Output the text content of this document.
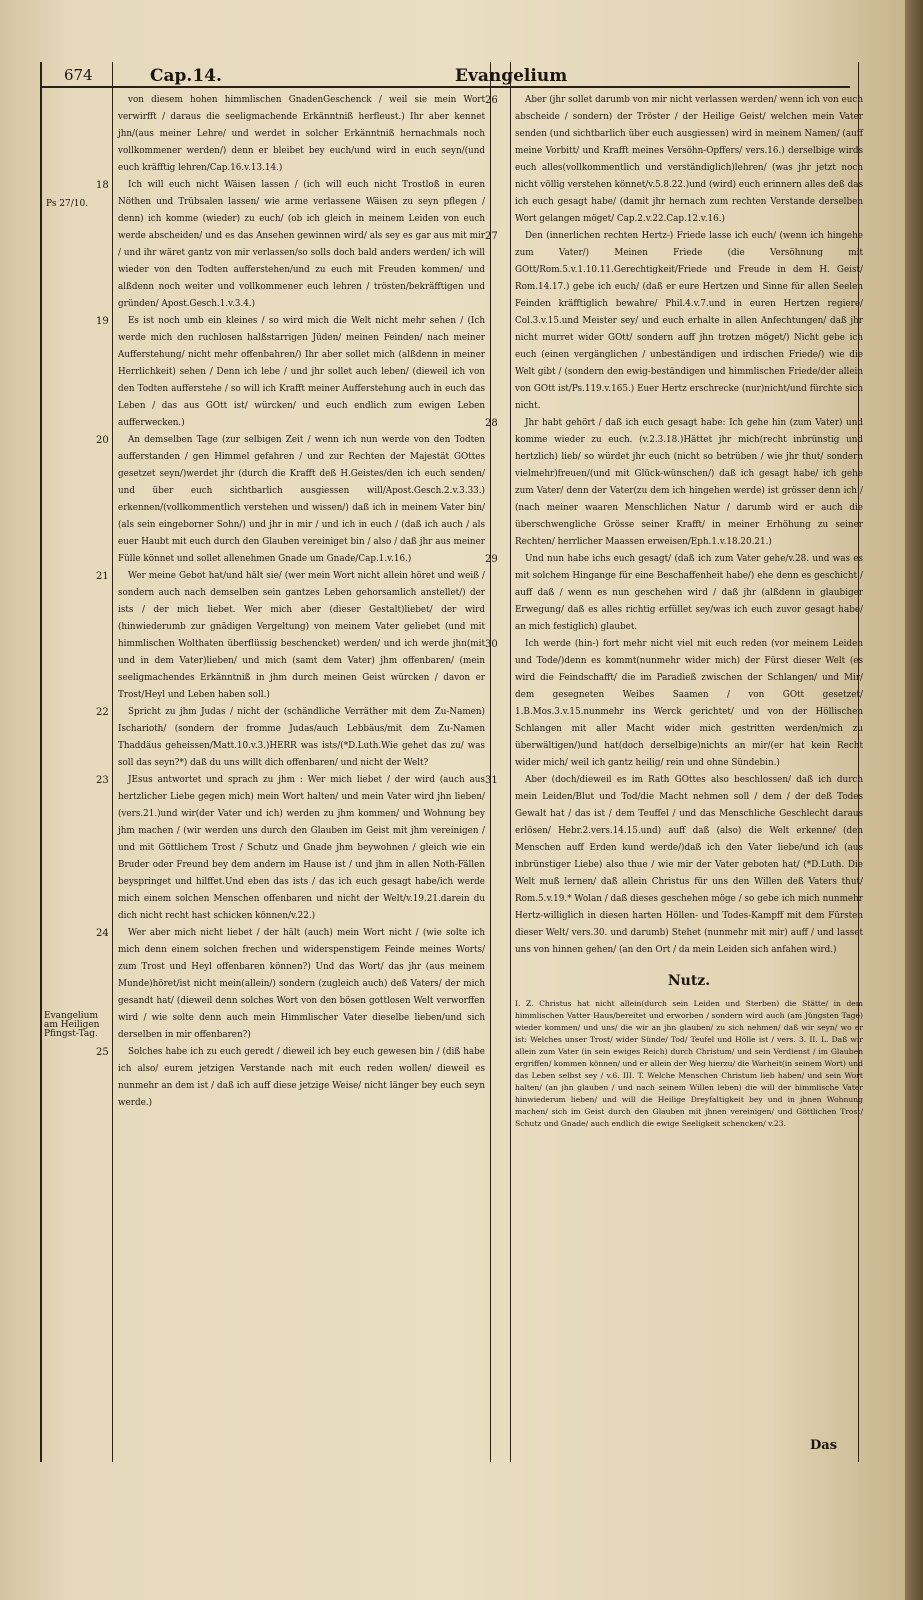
674	Cap.14.	Evangelium
Ps 27/10.
Evangelium
am Heiligen
Pfingst-Tag.

von diesem hohen himmlischen GnadenGeschenck / weil sie mein Wort verwirfft / daraus die seeligmachende Erkänntniß herfleust.) Ihr aber kennet jhn/(aus meiner Lehre/ und werdet in solcher Erkänntniß hernachmals noch vollkommener werden/) denn er bleibet bey euch/und wird in euch seyn/(und euch kräfftig lehren/Cap.16.v.13.14.)

18 Ich will euch nicht Wäisen lassen / (ich will euch nicht Trostloß in euren Nöthen und Trübsalen lassen/ wie arme verlassene Wäisen zu seyn pflegen / denn) ich komme (wieder) zu euch/ (ob ich gleich in meinem Leiden von euch werde abscheiden/ und es das Ansehen gewinnen wird/ als sey es gar aus mit mir / und ihr wäret gantz von mir verlassen/so solls doch bald anders werden/ ich will wieder von den Todten aufferstehen/und zu euch mit Freuden kommen/ und alßdenn noch weiter und vollkommener euch lehren / trösten/bekräfftigen und gründen/ Apost.Gesch.1.v.3.4.)

19 Es ist noch umb ein kleines / so wird mich die Welt nicht mehr sehen / (Ich werde mich den ruchlosen halßstarrigen Jüden/ meinen Feinden/ nach meiner Aufferstehung/ nicht mehr offenbahren/) Ihr aber sollet mich (alßdenn in meiner Herrlichkeit) sehen / Denn ich lebe / und jhr sollet auch leben/ (dieweil ich von den Todten aufferstehe / so will ich Krafft meiner Aufferstehung auch in euch das Leben / das aus GOtt ist/ würcken/ und euch endlich zum ewigen Leben aufferwecken.)

20 An demselben Tage (zur selbigen Zeit / wenn ich nun werde von den Todten aufferstanden / gen Himmel gefahren / und zur Rechten der Majestät GOttes gesetzet seyn/)werdet jhr (durch die Krafft deß H.Geistes/den ich euch senden/ und über euch sichtbarlich ausgiessen will/Apost.Gesch.2.v.3.33.) erkennen/(vollkommentlich verstehen und wissen/) daß ich in meinem Vater bin/ (als sein eingeborner Sohn/) und jhr in mir / und ich in euch / (daß ich auch / als euer Haubt mit euch durch den Glauben vereiniget bin / also / daß jhr aus meiner Fülle könnet und sollet allenehmen Gnade um Gnade/Cap.1.v.16.)

21 Wer meine Gebot hat/und hält sie/ (wer mein Wort nicht allein höret und weiß / sondern auch nach demselben sein gantzes Leben gehorsamlich anstellet/) der ists / der mich liebet. Wer mich aber (dieser Gestalt)liebet/ der wird (hinwiederumb zur gnädigen Vergeltung) von meinem Vater geliebet (und mit himmlischen Wolthaten überflüssig beschencket) werden/ und ich werde jhn(mit und in dem Vater)lieben/ und mich (samt dem Vater) jhm offenbaren/ (mein seeligmachendes Erkänntniß in jhm durch meinen Geist würcken / davon er Trost/Heyl und Leben haben soll.)

22 Spricht zu jhm Judas / nicht der (schändliche Verräther mit dem Zu-Namen) Ischarioth/ (sondern der fromme Judas/auch Lebbäus/mit dem Zu-Namen Thaddäus geheissen/Matt.10.v.3.)HERR was ists/(*D.Luth.Wie gehet das zu/ was soll das seyn?*) daß du uns willt dich offenbaren/ und nicht der Welt?

23 JEsus antwortet und sprach zu jhm : Wer mich liebet / der wird (auch aus hertzlicher Liebe gegen mich) mein Wort halten/ und mein Vater wird jhn lieben/ (vers.21.)und wir(der Vater und ich) werden zu jhm kommen/ und Wohnung bey jhm machen / (wir werden uns durch den Glauben im Geist mit jhm vereinigen / und mit Göttlichem Trost / Schutz und Gnade jhm beywohnen / gleich wie ein Bruder oder Freund bey dem andern im Hause ist / und jhm in allen Noth-Fällen beyspringet und hilffet.Und eben das ists / das ich euch gesagt habe/ich werde mich einem solchen Menschen offenbaren und nicht der Welt/v.19.21.darein du dich nicht recht hast schicken können/v.22.)

24 Wer aber mich nicht liebet / der hält (auch) mein Wort nicht / (wie solte ich mich denn einem solchen frechen und widerspenstigem Feinde meines Worts/ zum Trost und Heyl offenbaren können?) Und das Wort/ das jhr (aus meinem Munde)höret/ist nicht mein(allein/) sondern (zugleich auch) deß Vaters/ der mich gesandt hat/ (dieweil denn solches Wort von den bösen gottlosen Welt verworffen wird / wie solte denn auch mein Himmlischer Vater dieselbe lieben/und sich derselben in mir offenbaren?)

25 Solches habe ich zu euch geredt / dieweil ich bey euch gewesen bin / (diß habe ich also/ eurem jetzigen Verstande nach mit euch reden wollen/ dieweil es nunmehr an dem ist / daß ich auff diese jetzige Weise/ nicht länger bey euch seyn werde.)

26	Aber (jhr sollet darumb von mir nicht verlassen werden/ wenn ich von euch abscheide / sondern) der Tröster / der Heilige Geist/ welchen mein Vater senden (und sichtbarlich über euch ausgiessen) wird in meinem Namen/ (auff meine Vorbitt/ und Krafft meines Versöhn-Opffers/ vers.16.) derselbige wirds euch alles(vollkommentlich und verständiglich)lehren/ (was jhr jetzt noch nicht völlig verstehen könnet/v.5.8.22.)und (wird) euch erinnern alles deß das ich euch gesagt habe/ (damit jhr hernach zum rechten Verstande derselben Wort gelangen möget/ Cap.2.v.22.Cap.12.v.16.)

27	Den (innerlichen rechten Hertz-) Friede lasse ich euch/ (wenn ich hingehe zum Vater/) Meinen Friede (die Versöhnung mit GOtt/Rom.5.v.1.10.11.Gerechtigkeit/Friede und Freude in dem H. Geist/ Rom.14.17.) gebe ich euch/ (daß er eure Hertzen und Sinne für allen Seelen Feinden kräfftiglich bewahre/ Phil.4.v.7.und in euren Hertzen regiere/ Col.3.v.15.und Meister sey/ und euch erhalte in allen Anfechtungen/ daß jhr nicht murret wider GOtt/ sondern auff jhn trotzen möget/) Nicht gebe ich euch (einen vergänglichen / unbeständigen und irdischen Friede/) wie die Welt gibt / (sondern den ewig-beständigen und himmlischen Friede/der allein von GOtt ist/Ps.119.v.165.) Euer Hertz erschrecke (nur)nicht/und fürchte sich nicht.

28	Jhr habt gehört / daß ich euch gesagt habe: Ich gehe hin (zum Vater) und komme wieder zu euch. (v.2.3.18.)Hättet jhr mich(recht inbrünstig und hertzlich) lieb/ so würdet jhr euch (nicht so betrüben / wie jhr thut/ sondern vielmehr)freuen/(und mit Glück-wünschen/) daß ich gesagt habe/ ich gehe zum Vater/ denn der Vater(zu dem ich hingehen werde) ist grösser denn ich / (nach meiner waaren Menschlichen Natur / darumb wird er auch die überschwengliche Grösse seiner Krafft/ in meiner Erhöhung zu seiner Rechten/ herrlicher Maassen erweisen/Eph.1.v.18.20.21.)

29	Und nun habe ichs euch gesagt/ (daß ich zum Vater gehe/v.28. und was es mit solchem Hingange für eine Beschaffenheit habe/) ehe denn es geschicht / auff daß / wenn es nun geschehen wird / daß jhr (alßdenn in glaubiger Erwegung/ daß es alles richtig erfüllet sey/was ich euch zuvor gesagt habe/ an mich festiglich) glaubet.

30	Ich werde (hin-) fort mehr nicht viel mit euch reden (vor meinem Leiden und Tode/)denn es kommt(nunmehr wider mich) der Fürst dieser Welt (es wird die Feindschafft/ die im Paradieß zwischen der Schlangen/ und Mir/ dem gesegneten Weibes Saamen / von GOtt gesetzet/ 1.B.Mos.3.v.15.nunmehr ins Werck gerichtet/ und von der Höllischen Schlangen mit aller Macht wider mich gestritten werden/mich zu überwältigen/)und hat(doch derselbige)nichts an mir/(er hat kein Recht wider mich/ weil ich gantz heilig/ rein und ohne Sündebin.)

31	Aber (doch/dieweil es im Rath GOttes also beschlossen/ daß ich durch mein Leiden/Blut und Tod/die Macht nehmen soll / dem / der deß Todes Gewalt hat / das ist / dem Teuffel / und das Menschliche Geschlecht daraus erlösen/ Hebr.2.vers.14.15.und) auff daß (also) die Welt erkenne/ (den Menschen auff Erden kund werde/)daß ich den Vater liebe/und ich (aus inbrünstiger Liebe) also thue / wie mir der Vater geboten hat/ (*D.Luth. Die Welt muß lernen/ daß allein Christus für uns den Willen deß Vaters thut/ Rom.5.v.19.* Wolan / daß dieses geschehen möge / so gebe ich mich nunmehr Hertz-williglich in diesen harten Höllen- und Todes-Kampff mit dem Fürsten dieser Welt/ vers.30. und darumb) Stehet (nunmehr mit mir) auff / und lasset uns von hinnen gehen/ (an den Ort / da mein Leiden sich anfahen wird.)

Nutz.

I. Z. Christus hat nicht allein(durch sein Leiden und Sterben) die Stätte/ in dem himmlischen Vatter Haus/bereitet und erworben / sondern wird auch (am Jüngsten Tage) wieder kommen/ und uns/ die wir an jhn glauben/ zu sich nehmen/ daß wir seyn/ wo er ist: Welches unser Trost/ wider Sünde/ Tod/ Teufel und Hölle ist / vers. 3. II. L. Daß wir allein zum Vater (in sein ewiges Reich) durch Christum/ und sein Verdienst / im Glauben ergriffen/ kommen können/ und er allein der Weg hierzu/ die Warheit(in seinem Wort) und das Leben selbst sey / v.6. III. T. Welche Menschen Christum lieb haben/ und sein Wort halten/ (an jhn glauben / und nach seinem Willen leben) die will der himmlische Vater hinwiederum lieben/ und will die Heilige Dreyfaltigkeit bey und in jhnen Wohnung machen/ sich im Geist durch den Glauben mit jhnen vereinigen/ und Göttlichen Trost/ Schutz und Gnade/ auch endlich die ewige Seeligkeit schencken/ v.23.

Das
